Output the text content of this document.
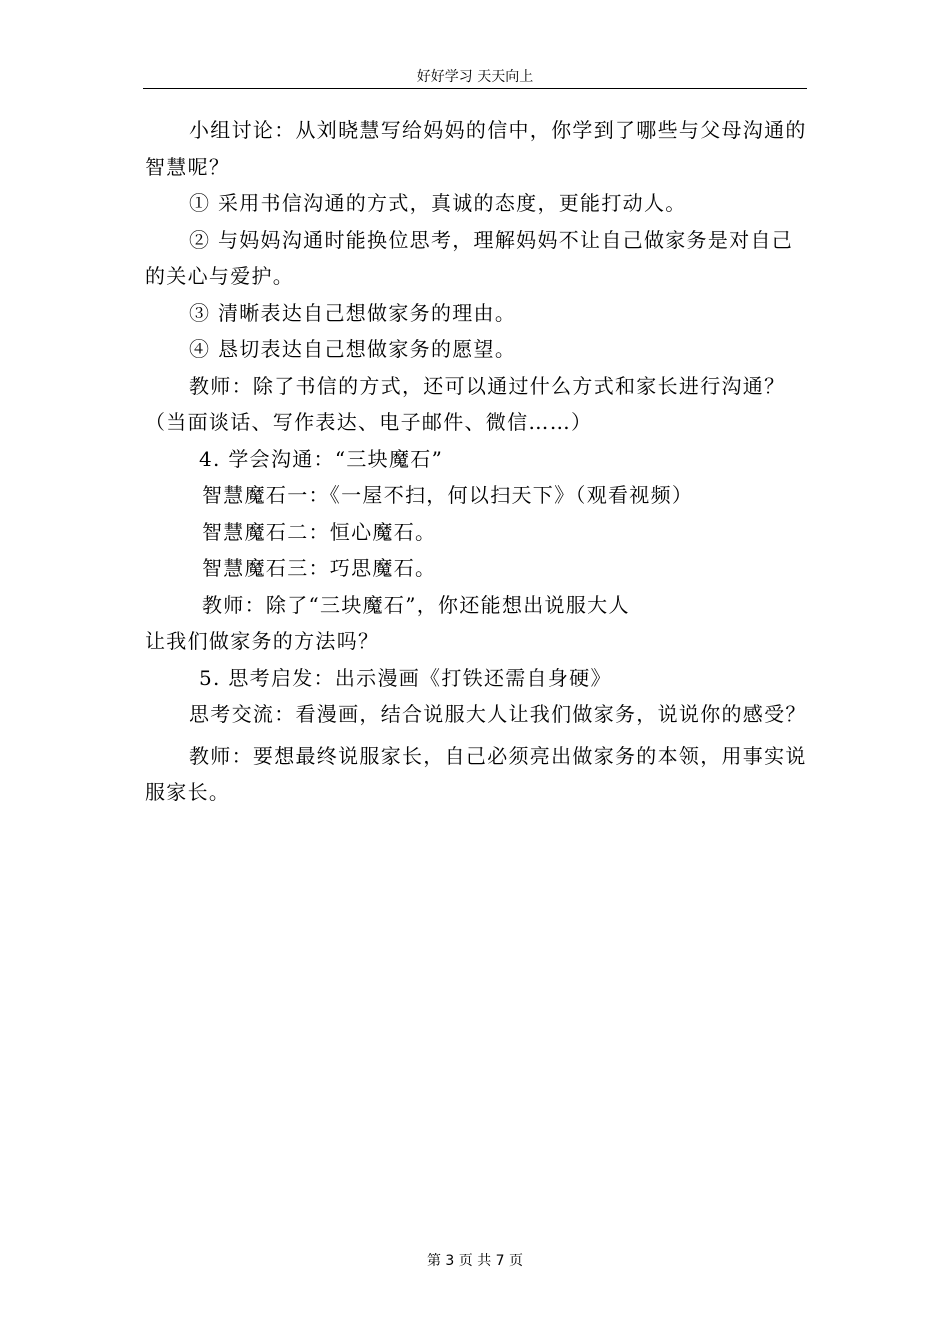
好好学习 天天向上

小组讨论：从刘晓慧写给妈妈的信中，你学到了哪些与父母沟通的智慧呢？

① 采用书信沟通的方式，真诚的态度，更能打动人。

② 与妈妈沟通时能换位思考，理解妈妈不让自己做家务是对自己的关心与爱护。

③ 清晰表达自己想做家务的理由。

④ 恳切表达自己想做家务的愿望。

教师：除了书信的方式，还可以通过什么方式和家长进行沟通？（当面谈话、写作表达、电子邮件、微信……）

4. 学会沟通：“三块魔石”

智慧魔石一：《一屋不扫，何以扫天下》（观看视频）

智慧魔石二：恒心魔石。

智慧魔石三：巧思魔石。

教师：除了“三块魔石”，你还能想出说服大人

让我们做家务的方法吗？

5. 思考启发：出示漫画《打铁还需自身硬》

思考交流：看漫画，结合说服大人让我们做家务，说说你的感受？

教师：要想最终说服家长，自己必须亮出做家务的本领，用事实说服家长。

第 3 页 共 7 页
